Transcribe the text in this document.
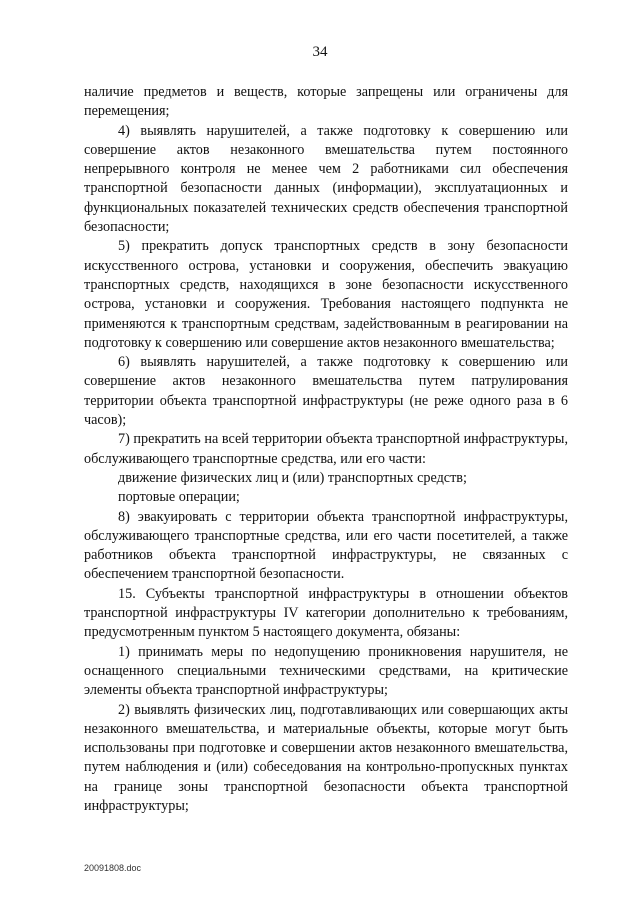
34

наличие предметов и веществ, которые запрещены или ограничены для перемещения;

4) выявлять нарушителей, а также подготовку к совершению или совершение актов незаконного вмешательства путем постоянного непрерывного контроля не менее чем 2 работниками сил обеспечения транспортной безопасности данных (информации), эксплуатационных и функциональных показателей технических средств обеспечения транспортной безопасности;

5) прекратить допуск транспортных средств в зону безопасности искусственного острова, установки и сооружения, обеспечить эвакуацию транспортных средств, находящихся в зоне безопасности искусственного острова, установки и сооружения. Требования настоящего подпункта не применяются к транспортным средствам, задействованным в реагировании на подготовку к совершению или совершение актов незаконного вмешательства;

6) выявлять нарушителей, а также подготовку к совершению или совершение актов незаконного вмешательства путем патрулирования территории объекта транспортной инфраструктуры (не реже одного раза в 6 часов);

7) прекратить на всей территории объекта транспортной инфраструктуры, обслуживающего транспортные средства, или его части:

движение физических лиц и (или) транспортных средств;

портовые операции;

8) эвакуировать с территории объекта транспортной инфраструктуры, обслуживающего транспортные средства, или его части посетителей, а также работников объекта транспортной инфраструктуры, не связанных с обеспечением транспортной безопасности.

15. Субъекты транспортной инфраструктуры в отношении объектов транспортной инфраструктуры IV категории дополнительно к требованиям, предусмотренным пунктом 5 настоящего документа, обязаны:

1) принимать меры по недопущению проникновения нарушителя, не оснащенного специальными техническими средствами, на критические элементы объекта транспортной инфраструктуры;

2) выявлять физических лиц, подготавливающих или совершающих акты незаконного вмешательства, и материальные объекты, которые могут быть использованы при подготовке и совершении актов незаконного вмешательства, путем наблюдения и (или) собеседования на контрольно-пропускных пунктах на границе зоны транспортной безопасности объекта транспортной инфраструктуры;

20091808.doc
